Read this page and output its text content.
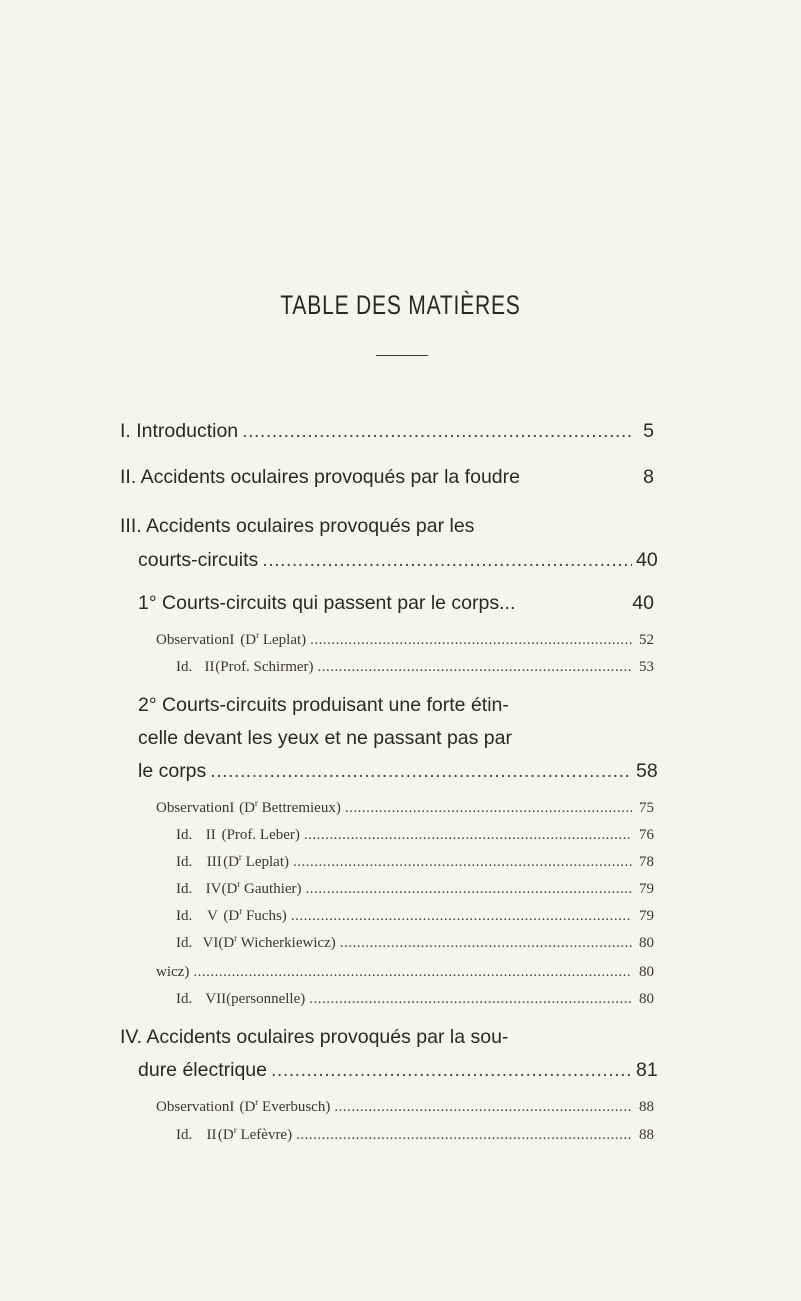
TABLE DES MATIÈRES
I. Introduction .....	5
II. Accidents oculaires provoqués par la foudre	8
III. Accidents oculaires provoqués par les
courts-circuits .....	40
1° Courts-circuits qui passent par le corps...	40
Observation I ($D^r$ Leplat) .....	52
Id. II (Prof. Schirmer) .....	53
2° Courts-circuits produisant une forte étin-
celle devant les yeux et ne passant pas par
le corps .....	58
Observation I ($D^r$ Bettremieux) .....	75
Id. II (Prof. Leber) .....	76
Id. III ($D^r$ Leplat) .....	78
Id. IV ($D^r$ Gauthier) .....	79
Id. V ($D^r$ Fuchs) .....	79
Id. VI ($D^r$ Wicherkiewicz) .....	80
wicz) .....	80
Id. VII (personnelle) .....	80
IV. Accidents oculaires provoqués par la sou-
dure électrique .....	81
Observation I ($D^r$ Everbusch) .....	88
Id. II ($D^r$ Lefèvre) .....	88
